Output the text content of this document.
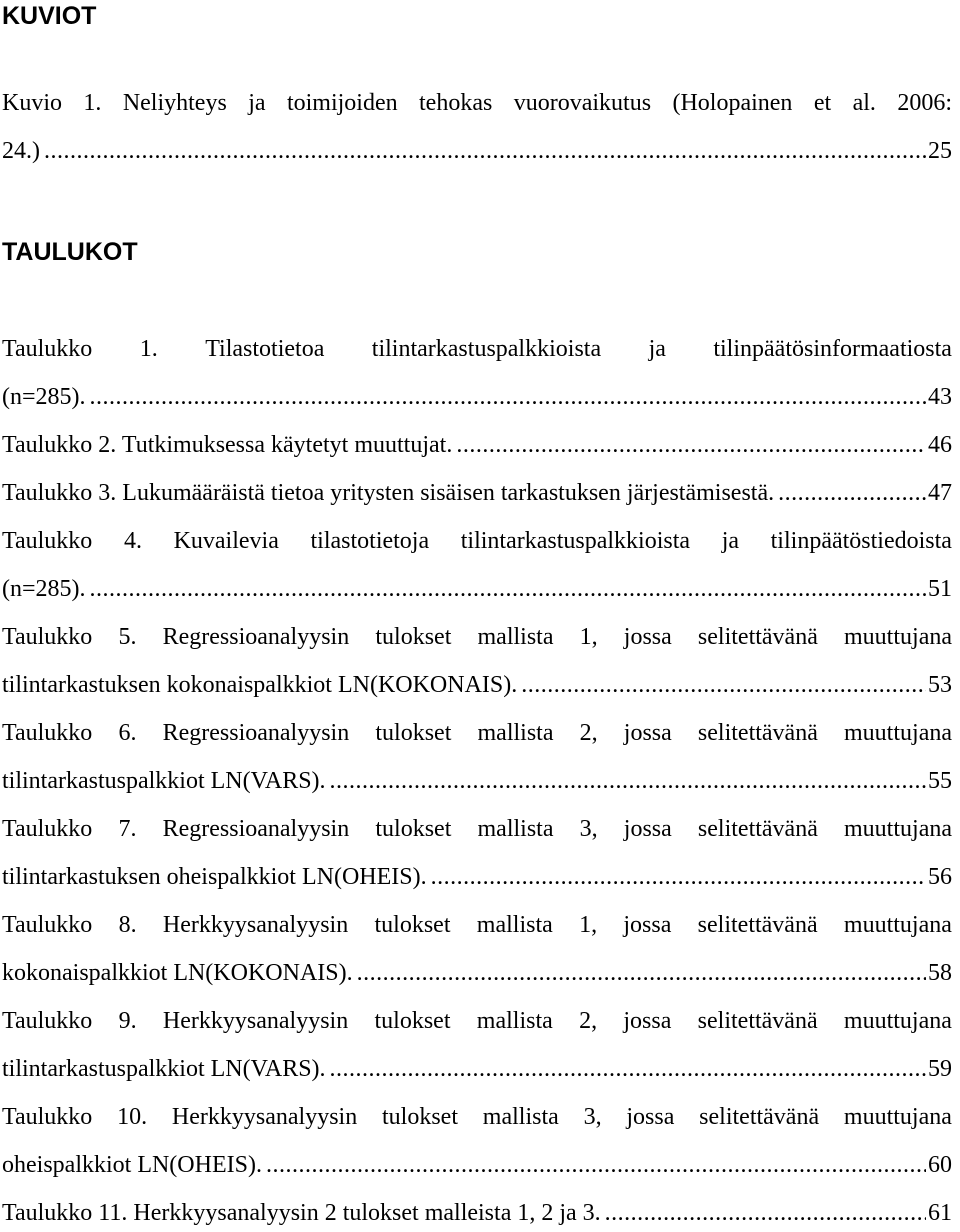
KUVIOT
Kuvio 1. Neliyhteys ja toimijoiden tehokas vuorovaikutus (Holopainen et al. 2006:
24.) .....	25
TAULUKOT
Taulukko 1. Tilastotietoa tilintarkastuspalkkioista ja tilinpäätösinformaatiosta
(n=285). .....	43
Taulukko 2. Tutkimuksessa käytetyt muuttujat. .....	46
Taulukko 3. Lukumääräistä tietoa yritysten sisäisen tarkastuksen järjestämisestä. .....	47
Taulukko 4. Kuvailevia tilastotietoja tilintarkastuspalkkioista ja tilinpäätöstiedoista
(n=285). .....	51
Taulukko 5. Regressioanalyysin tulokset mallista 1, jossa selitettävänä muuttujana
tilintarkastuksen kokonaispalkkiot LN(KOKONAIS). .....	53
Taulukko 6. Regressioanalyysin tulokset mallista 2, jossa selitettävänä muuttujana
tilintarkastuspalkkiot LN(VARS). .....	55
Taulukko 7. Regressioanalyysin tulokset mallista 3, jossa selitettävänä muuttujana
tilintarkastuksen oheispalkkiot LN(OHEIS). .....	56
Taulukko 8. Herkkyysanalyysin tulokset mallista 1, jossa selitettävänä muuttujana
kokonaispalkkiot LN(KOKONAIS). .....	58
Taulukko 9. Herkkyysanalyysin tulokset mallista 2, jossa selitettävänä muuttujana
tilintarkastuspalkkiot LN(VARS). .....	59
Taulukko 10. Herkkyysanalyysin tulokset mallista 3, jossa selitettävänä muuttujana
oheispalkkiot LN(OHEIS). .....	60
Taulukko 11. Herkkyysanalyysin 2 tulokset malleista 1, 2 ja 3. .....	61
